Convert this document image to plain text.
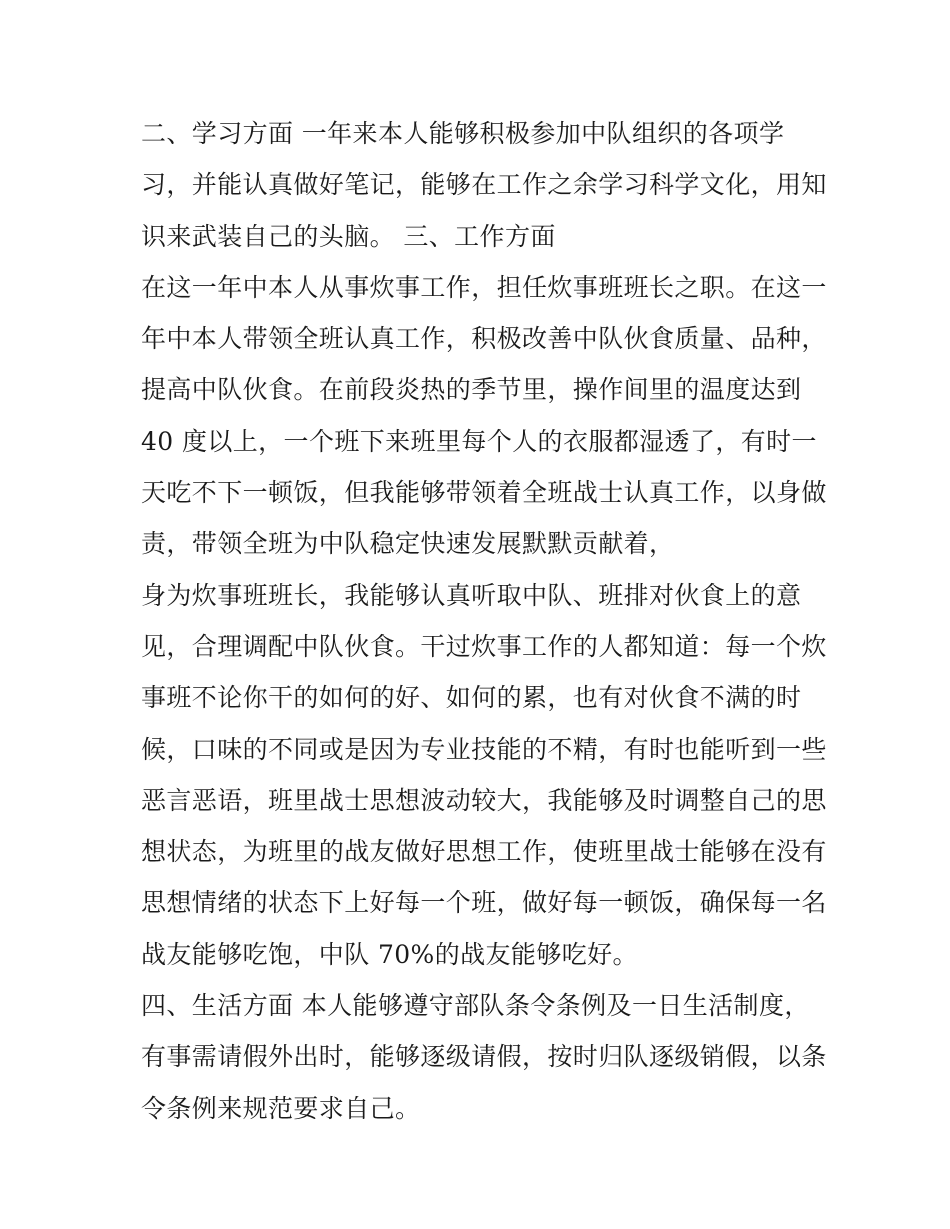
二、学习方面 一年来本人能够积极参加中队组织的各项学
习，并能认真做好笔记，能够在工作之余学习科学文化，用知
识来武装自己的头脑。 三、工作方面
在这一年中本人从事炊事工作，担任炊事班班长之职。在这一
年中本人带领全班认真工作，积极改善中队伙食质量、品种，
提高中队伙食。在前段炎热的季节里，操作间里的温度达到
40 度以上，一个班下来班里每个人的衣服都湿透了，有时一
天吃不下一顿饭，但我能够带领着全班战士认真工作，以身做
责，带领全班为中队稳定快速发展默默贡献着，
身为炊事班班长，我能够认真听取中队、班排对伙食上的意
见，合理调配中队伙食。干过炊事工作的人都知道：每一个炊
事班不论你干的如何的好、如何的累，也有对伙食不满的时
候，口味的不同或是因为专业技能的不精，有时也能听到一些
恶言恶语，班里战士思想波动较大，我能够及时调整自己的思
想状态，为班里的战友做好思想工作，使班里战士能够在没有
思想情绪的状态下上好每一个班，做好每一顿饭，确保每一名
战友能够吃饱，中队 70%的战友能够吃好。
四、生活方面 本人能够遵守部队条令条例及一日生活制度，
有事需请假外出时，能够逐级请假，按时归队逐级销假，以条
令条例来规范要求自己。
